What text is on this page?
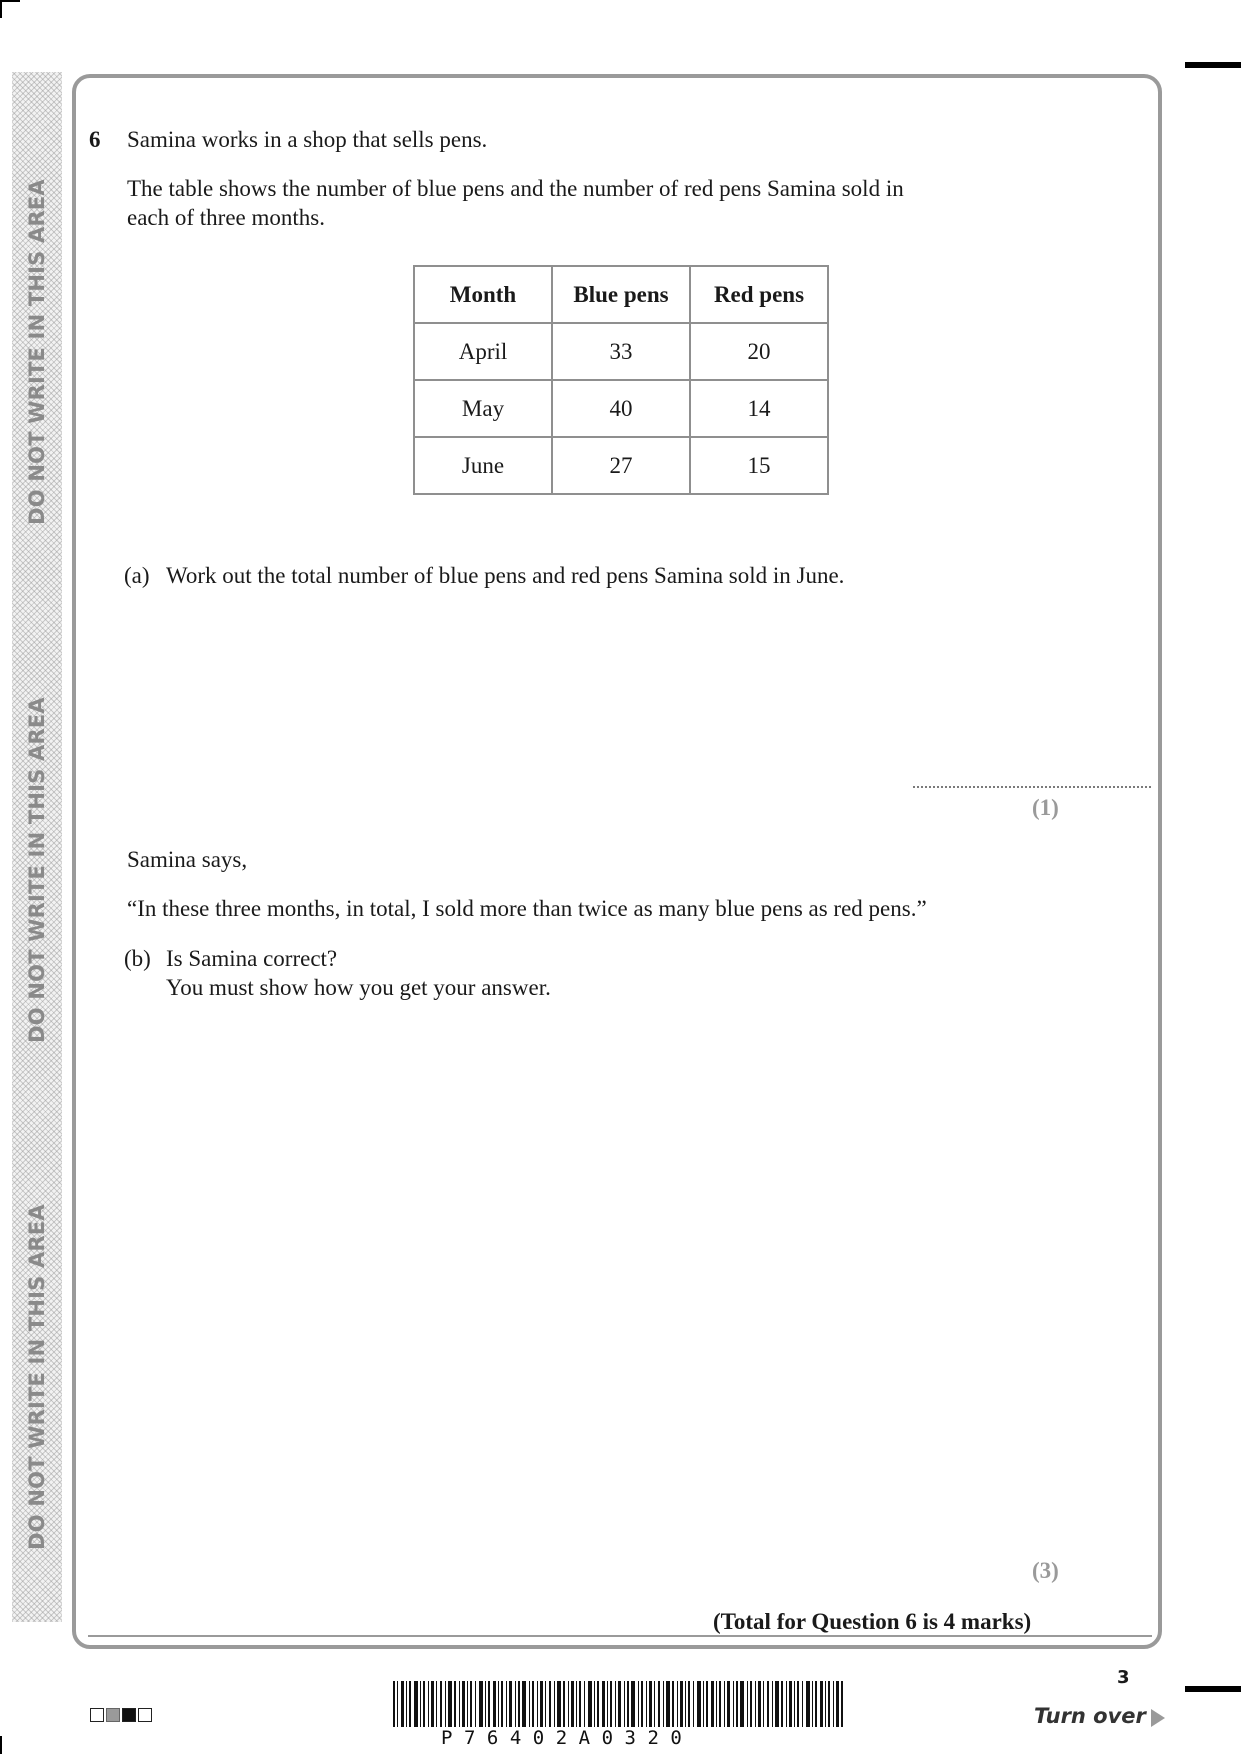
DO NOT WRITE IN THIS AREA
DO NOT WRITE IN THIS AREA
DO NOT WRITE IN THIS AREA
6 Samina works in a shop that sells pens.
The table shows the number of blue pens and the number of red pens Samina sold in
each of three months.
Month	Blue pens	Red pens
April	33	20
May	40	14
June	27	15
(a) Work out the total number of blue pens and red pens Samina sold in June.
(1)
Samina says,
“In these three months, in total, I sold more than twice as many blue pens as red pens.”
(b) Is Samina correct?
You must show how you get your answer.
(3)
(Total for Question 6 is 4 marks)
3
Turn over
P76402A0320
